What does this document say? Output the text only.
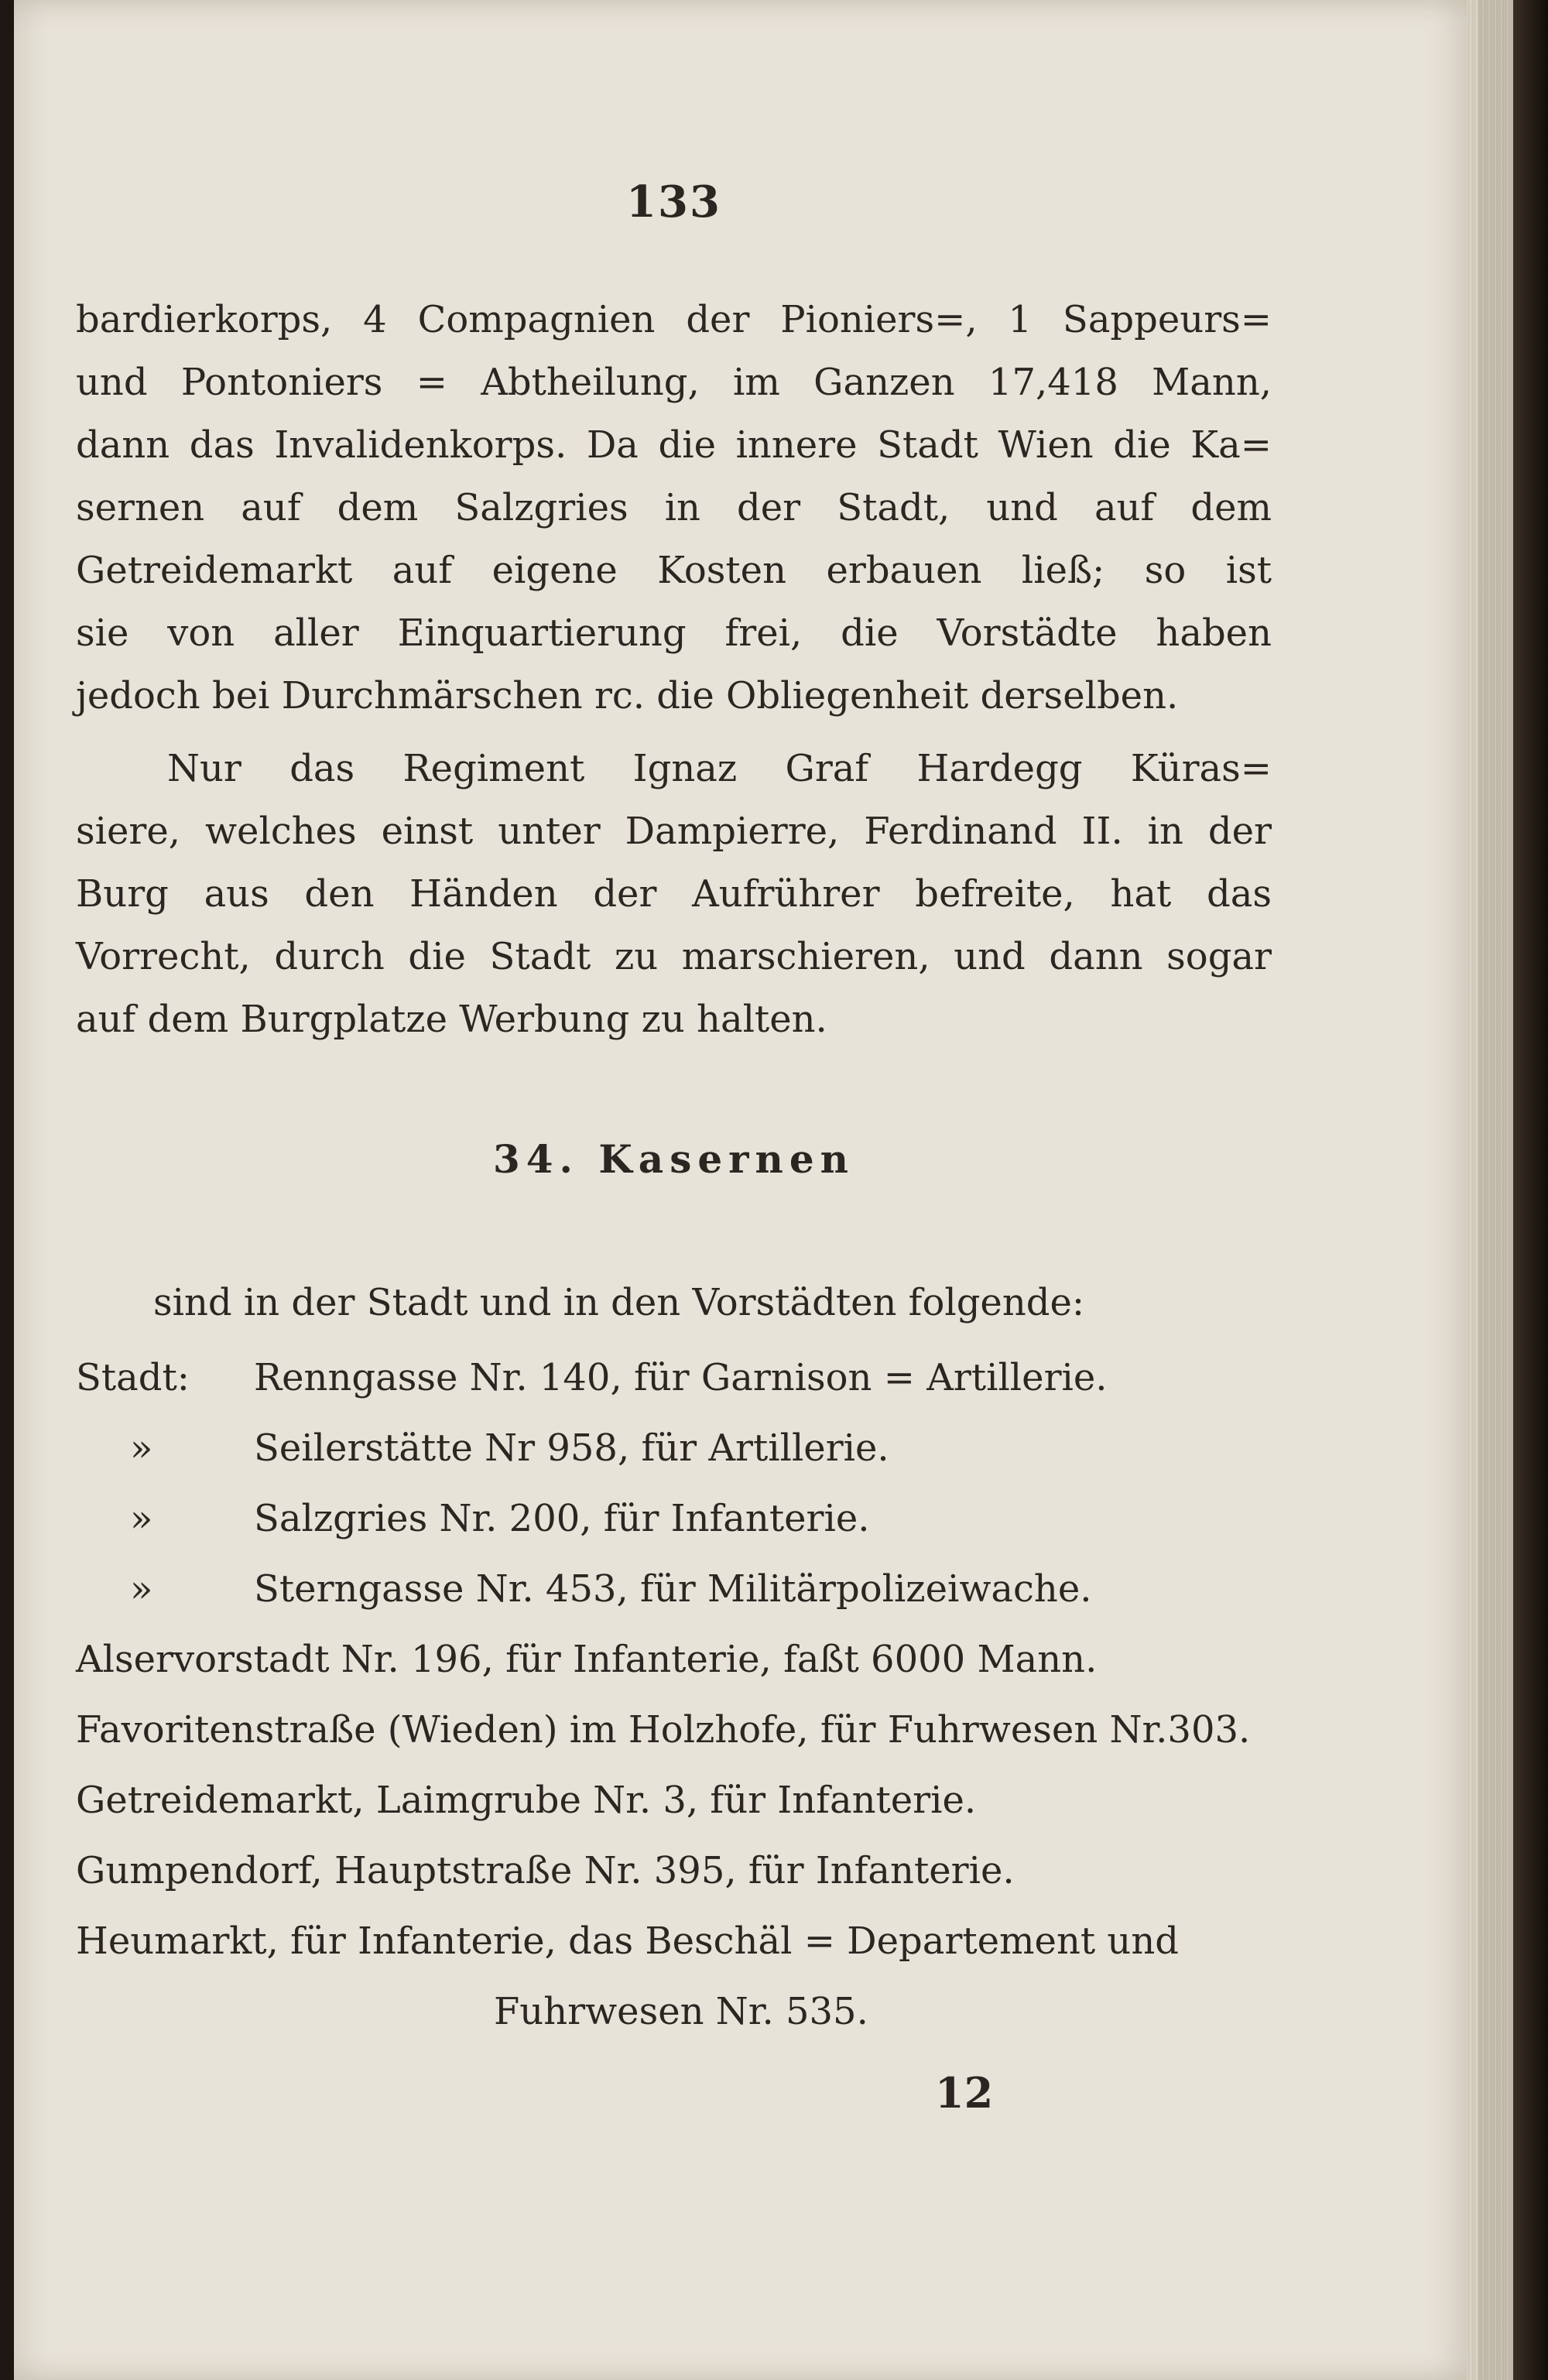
133
bardierkorps, 4 Compagnien der Pioniers=, 1 Sappeurs=
und Pontoniers = Abtheilung, im Ganzen 17,418 Mann,
dann das Invalidenkorps. Da die innere Stadt Wien die Ka=
sernen auf dem Salzgries in der Stadt, und auf dem
Getreidemarkt auf eigene Kosten erbauen ließ; so ist
sie von aller Einquartierung frei, die Vorstädte haben
jedoch bei Durchmärschen rc. die Obliegenheit derselben.
Nur das Regiment Ignaz Graf Hardegg Küras=
siere, welches einst unter Dampierre, Ferdinand II. in der
Burg aus den Händen der Aufrührer befreite, hat das
Vorrecht, durch die Stadt zu marschieren, und dann sogar
auf dem Burgplatze Werbung zu halten.
34. Kasernen
sind in der Stadt und in den Vorstädten folgende:
Stadt: Renngasse Nr. 140, für Garnison = Artillerie.
»	Seilerstätte Nr 958, für Artillerie.
»	Salzgries Nr. 200, für Infanterie.
»	Sterngasse Nr. 453, für Militärpolizeiwache.
Alservorstadt Nr. 196, für Infanterie, faßt 6000 Mann.
Favoritenstraße (Wieden) im Holzhofe, für Fuhrwesen Nr.303.
Getreidemarkt, Laimgrube Nr. 3, für Infanterie.
Gumpendorf, Hauptstraße Nr. 395, für Infanterie.
Heumarkt, für Infanterie, das Beschäl = Departement und
Fuhrwesen Nr. 535.
12
